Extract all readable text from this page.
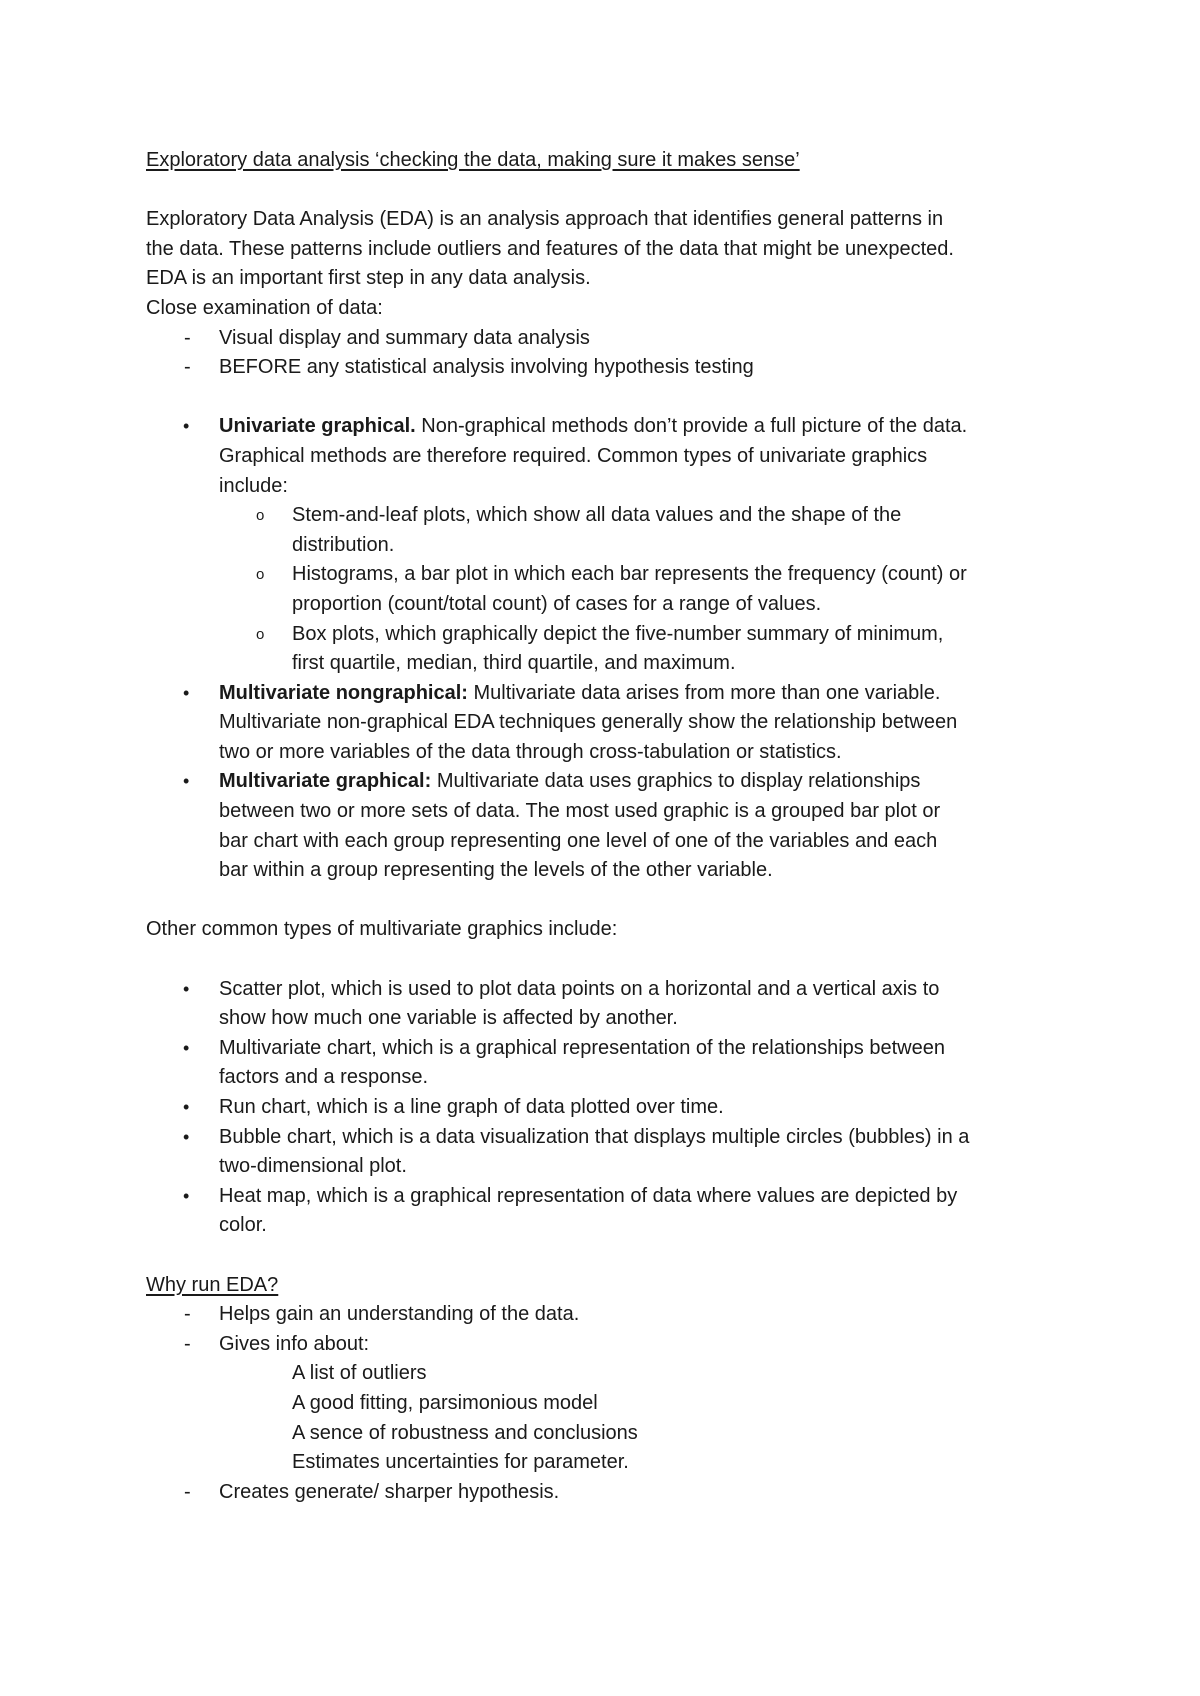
Exploratory data analysis ‘checking the data, making sure it makes sense’

Exploratory Data Analysis (EDA) is an analysis approach that identifies general patterns in

the data. These patterns include outliers and features of the data that might be unexpected.

EDA is an important first step in any data analysis.

Close examination of data:

- Visual display and summary data analysis

- BEFORE any statistical analysis involving hypothesis testing

• Univariate graphical. Non-graphical methods don’t provide a full picture of the data.

Graphical methods are therefore required. Common types of univariate graphics

include:

o Stem-and-leaf plots, which show all data values and the shape of the

distribution.

o Histograms, a bar plot in which each bar represents the frequency (count) or

proportion (count/total count) of cases for a range of values.

o Box plots, which graphically depict the five-number summary of minimum,

first quartile, median, third quartile, and maximum.

• Multivariate nongraphical: Multivariate data arises from more than one variable.

Multivariate non-graphical EDA techniques generally show the relationship between

two or more variables of the data through cross-tabulation or statistics.

• Multivariate graphical: Multivariate data uses graphics to display relationships

between two or more sets of data. The most used graphic is a grouped bar plot or

bar chart with each group representing one level of one of the variables and each

bar within a group representing the levels of the other variable.

Other common types of multivariate graphics include:

• Scatter plot, which is used to plot data points on a horizontal and a vertical axis to

show how much one variable is affected by another.

• Multivariate chart, which is a graphical representation of the relationships between

factors and a response.

• Run chart, which is a line graph of data plotted over time.

• Bubble chart, which is a data visualization that displays multiple circles (bubbles) in a

two-dimensional plot.

• Heat map, which is a graphical representation of data where values are depicted by

color.

Why run EDA?

- Helps gain an understanding of the data.

- Gives info about:

A list of outliers

A good fitting, parsimonious model

A sence of robustness and conclusions

Estimates uncertainties for parameter.

- Creates generate/ sharper hypothesis.
